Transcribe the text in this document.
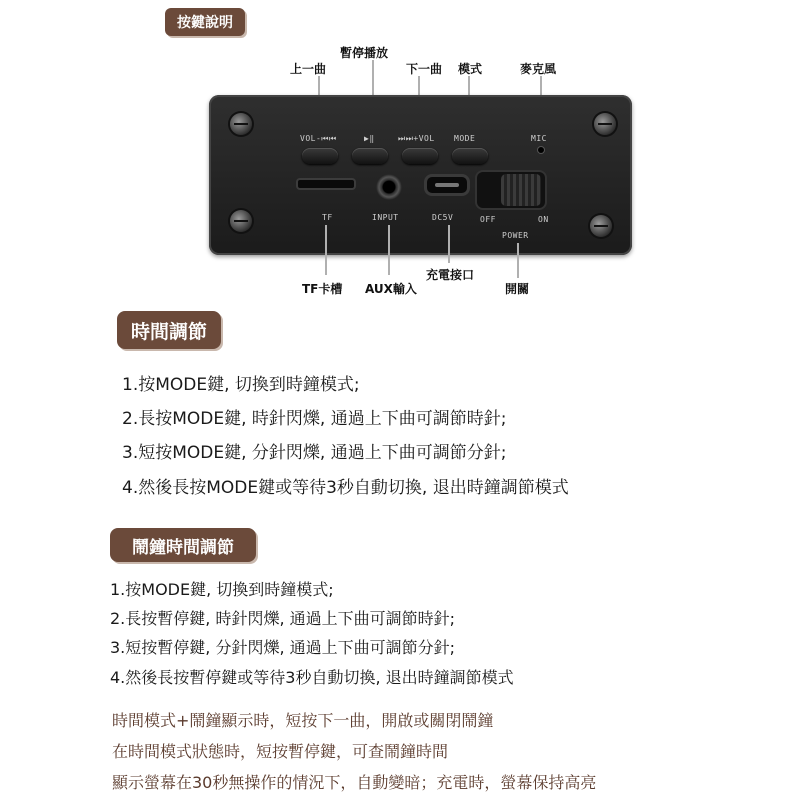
按鍵說明
上一曲
暫停播放
下一曲 模式	麥克風
VOL-⏮⏮	▶‖	⏭⏭+VOL MODE	MIC
TF	INPUT	DC5V	OFF	ON
POWER
TF卡槽 AUX輸入
充電接口
開關
時間調節
1.按MODE鍵, 切換到時鐘模式;
2.長按MODE鍵, 時針閃爍, 通過上下曲可調節時針;
3.短按MODE鍵, 分針閃爍, 通過上下曲可調節分針;
4.然後長按MODE鍵或等待3秒自動切換, 退出時鐘調節模式
鬧鐘時間調節
1.按MODE鍵, 切換到時鐘模式;
2.長按暫停鍵, 時針閃爍, 通過上下曲可調節時針;
3.短按暫停鍵, 分針閃爍, 通過上下曲可調節分針;
4.然後長按暫停鍵或等待3秒自動切換, 退出時鐘調節模式
時間模式+鬧鐘顯示時，短按下一曲，開啟或關閉鬧鐘
在時間模式狀態時，短按暫停鍵，可查鬧鐘時間
顯示螢幕在30秒無操作的情況下，自動變暗；充電時，螢幕保持高亮
